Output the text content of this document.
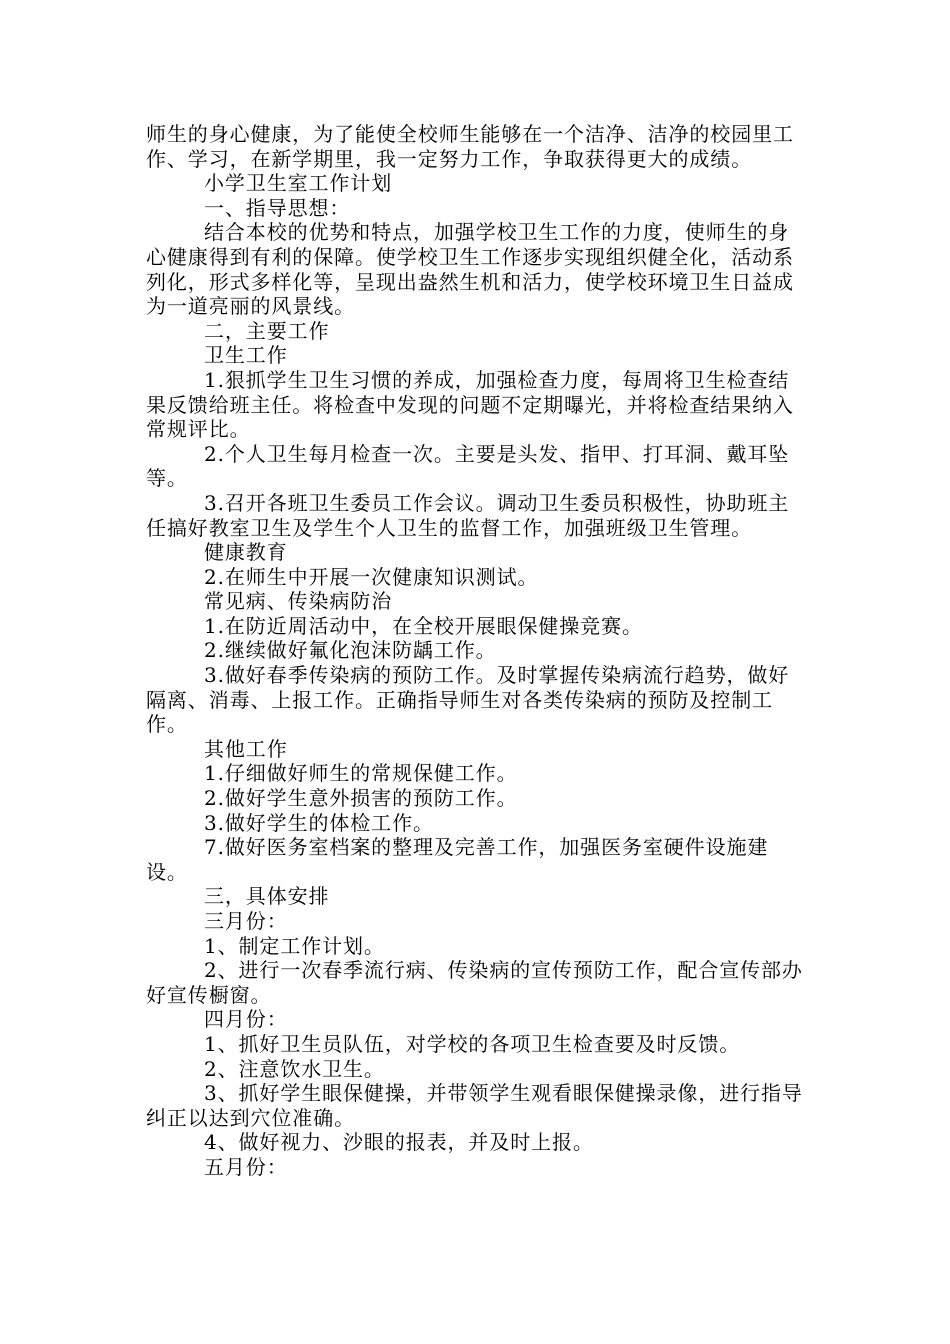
师生的身心健康，为了能使全校师生能够在一个洁净、洁净的校园里工作、学习，在新学期里，我一定努力工作，争取获得更大的成绩。

小学卫生室工作计划

一、指导思想：

结合本校的优势和特点，加强学校卫生工作的力度，使师生的身心健康得到有利的保障。使学校卫生工作逐步实现组织健全化，活动系列化，形式多样化等，呈现出盎然生机和活力，使学校环境卫生日益成为一道亮丽的风景线。

二，主要工作

卫生工作

1.狠抓学生卫生习惯的养成，加强检查力度，每周将卫生检查结果反馈给班主任。将检查中发现的问题不定期曝光，并将检查结果纳入常规评比。

2.个人卫生每月检查一次。主要是头发、指甲、打耳洞、戴耳坠等。

3.召开各班卫生委员工作会议。调动卫生委员积极性，协助班主任搞好教室卫生及学生个人卫生的监督工作，加强班级卫生管理。

健康教育

2.在师生中开展一次健康知识测试。

常见病、传染病防治

1.在防近周活动中，在全校开展眼保健操竞赛。

2.继续做好氟化泡沫防龋工作。

3.做好春季传染病的预防工作。及时掌握传染病流行趋势，做好隔离、消毒、上报工作。正确指导师生对各类传染病的预防及控制工作。

其他工作

1.仔细做好师生的常规保健工作。

2.做好学生意外损害的预防工作。

3.做好学生的体检工作。

7.做好医务室档案的整理及完善工作，加强医务室硬件设施建设。

三，具体安排

三月份：

1、制定工作计划。

2、进行一次春季流行病、传染病的宣传预防工作，配合宣传部办好宣传橱窗。

四月份：

1、抓好卫生员队伍，对学校的各项卫生检查要及时反馈。

2、注意饮水卫生。

3、抓好学生眼保健操，并带领学生观看眼保健操录像，进行指导纠正以达到穴位准确。

4、做好视力、沙眼的报表，并及时上报。

五月份：
